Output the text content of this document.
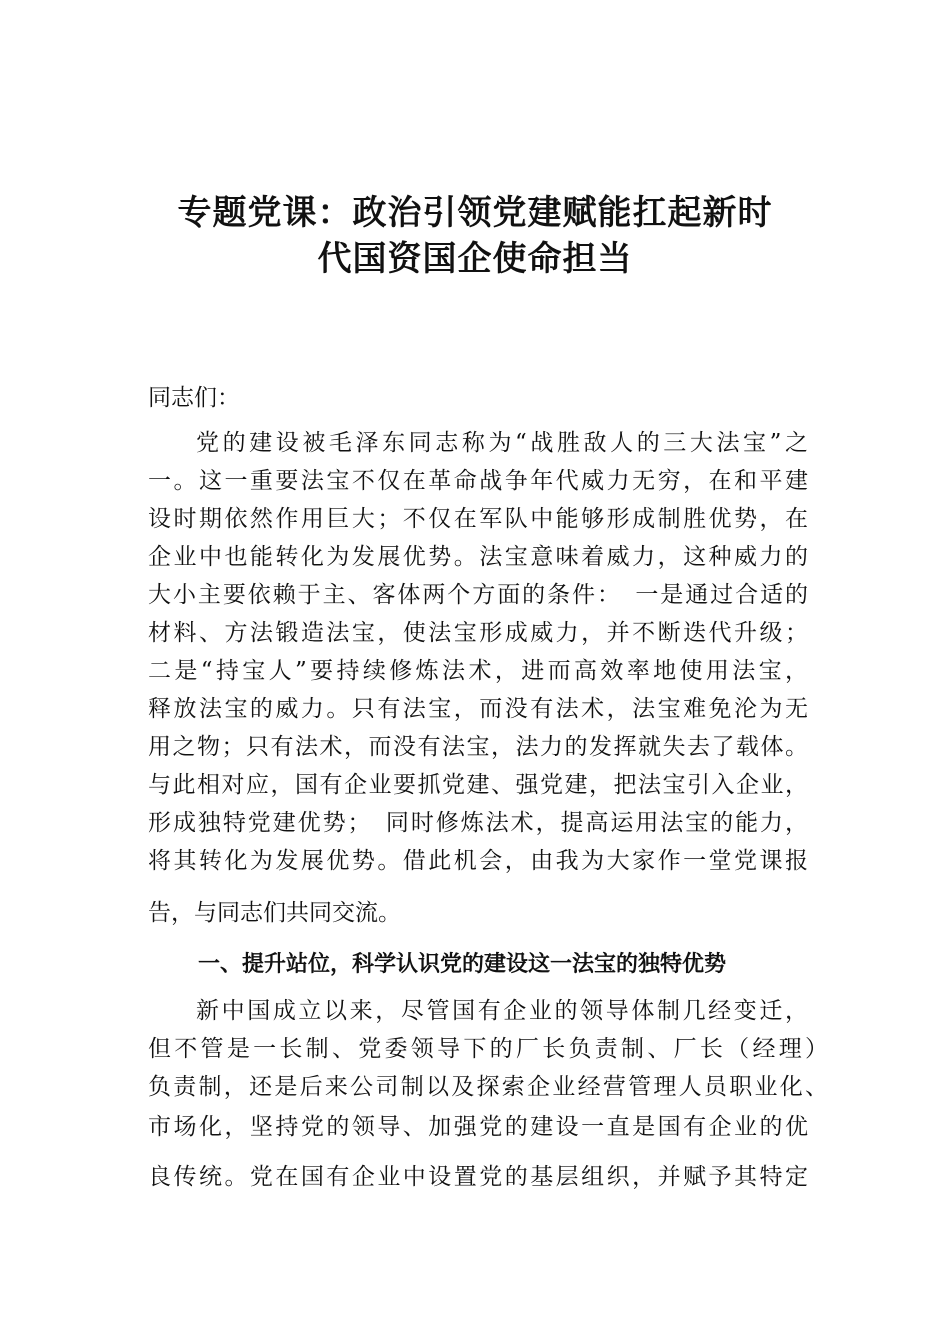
专题党课：政治引领党建赋能扛起新时
代国资国企使命担当
同志们：
党的建设被毛泽东同志称为“战胜敌人的三大法宝”之
一。这一重要法宝不仅在革命战争年代威力无穷，在和平建
设时期依然作用巨大；不仅在军队中能够形成制胜优势，在
企业中也能转化为发展优势。法宝意味着威力，这种威力的
大小主要依赖于主、客体两个方面的条件：　一是通过合适的
材料、方法锻造法宝，使法宝形成威力，并不断迭代升级；
二是“持宝人”要持续修炼法术，进而高效率地使用法宝，
释放法宝的威力。只有法宝，而没有法术，法宝难免沦为无
用之物；只有法术，而没有法宝，法力的发挥就失去了载体。
与此相对应，国有企业要抓党建、强党建，把法宝引入企业，
形成独特党建优势；　同时修炼法术，提高运用法宝的能力，
将其转化为发展优势。借此机会，由我为大家作一堂党课报
告，与同志们共同交流。
一、提升站位，科学认识党的建设这一法宝的独特优势
新中国成立以来，尽管国有企业的领导体制几经变迁，
但不管是一长制、党委领导下的厂长负责制、厂长（经理）
负责制，还是后来公司制以及探索企业经营管理人员职业化、
市场化，坚持党的领导、加强党的建设一直是国有企业的优
良传统。党在国有企业中设置党的基层组织，并赋予其特定
